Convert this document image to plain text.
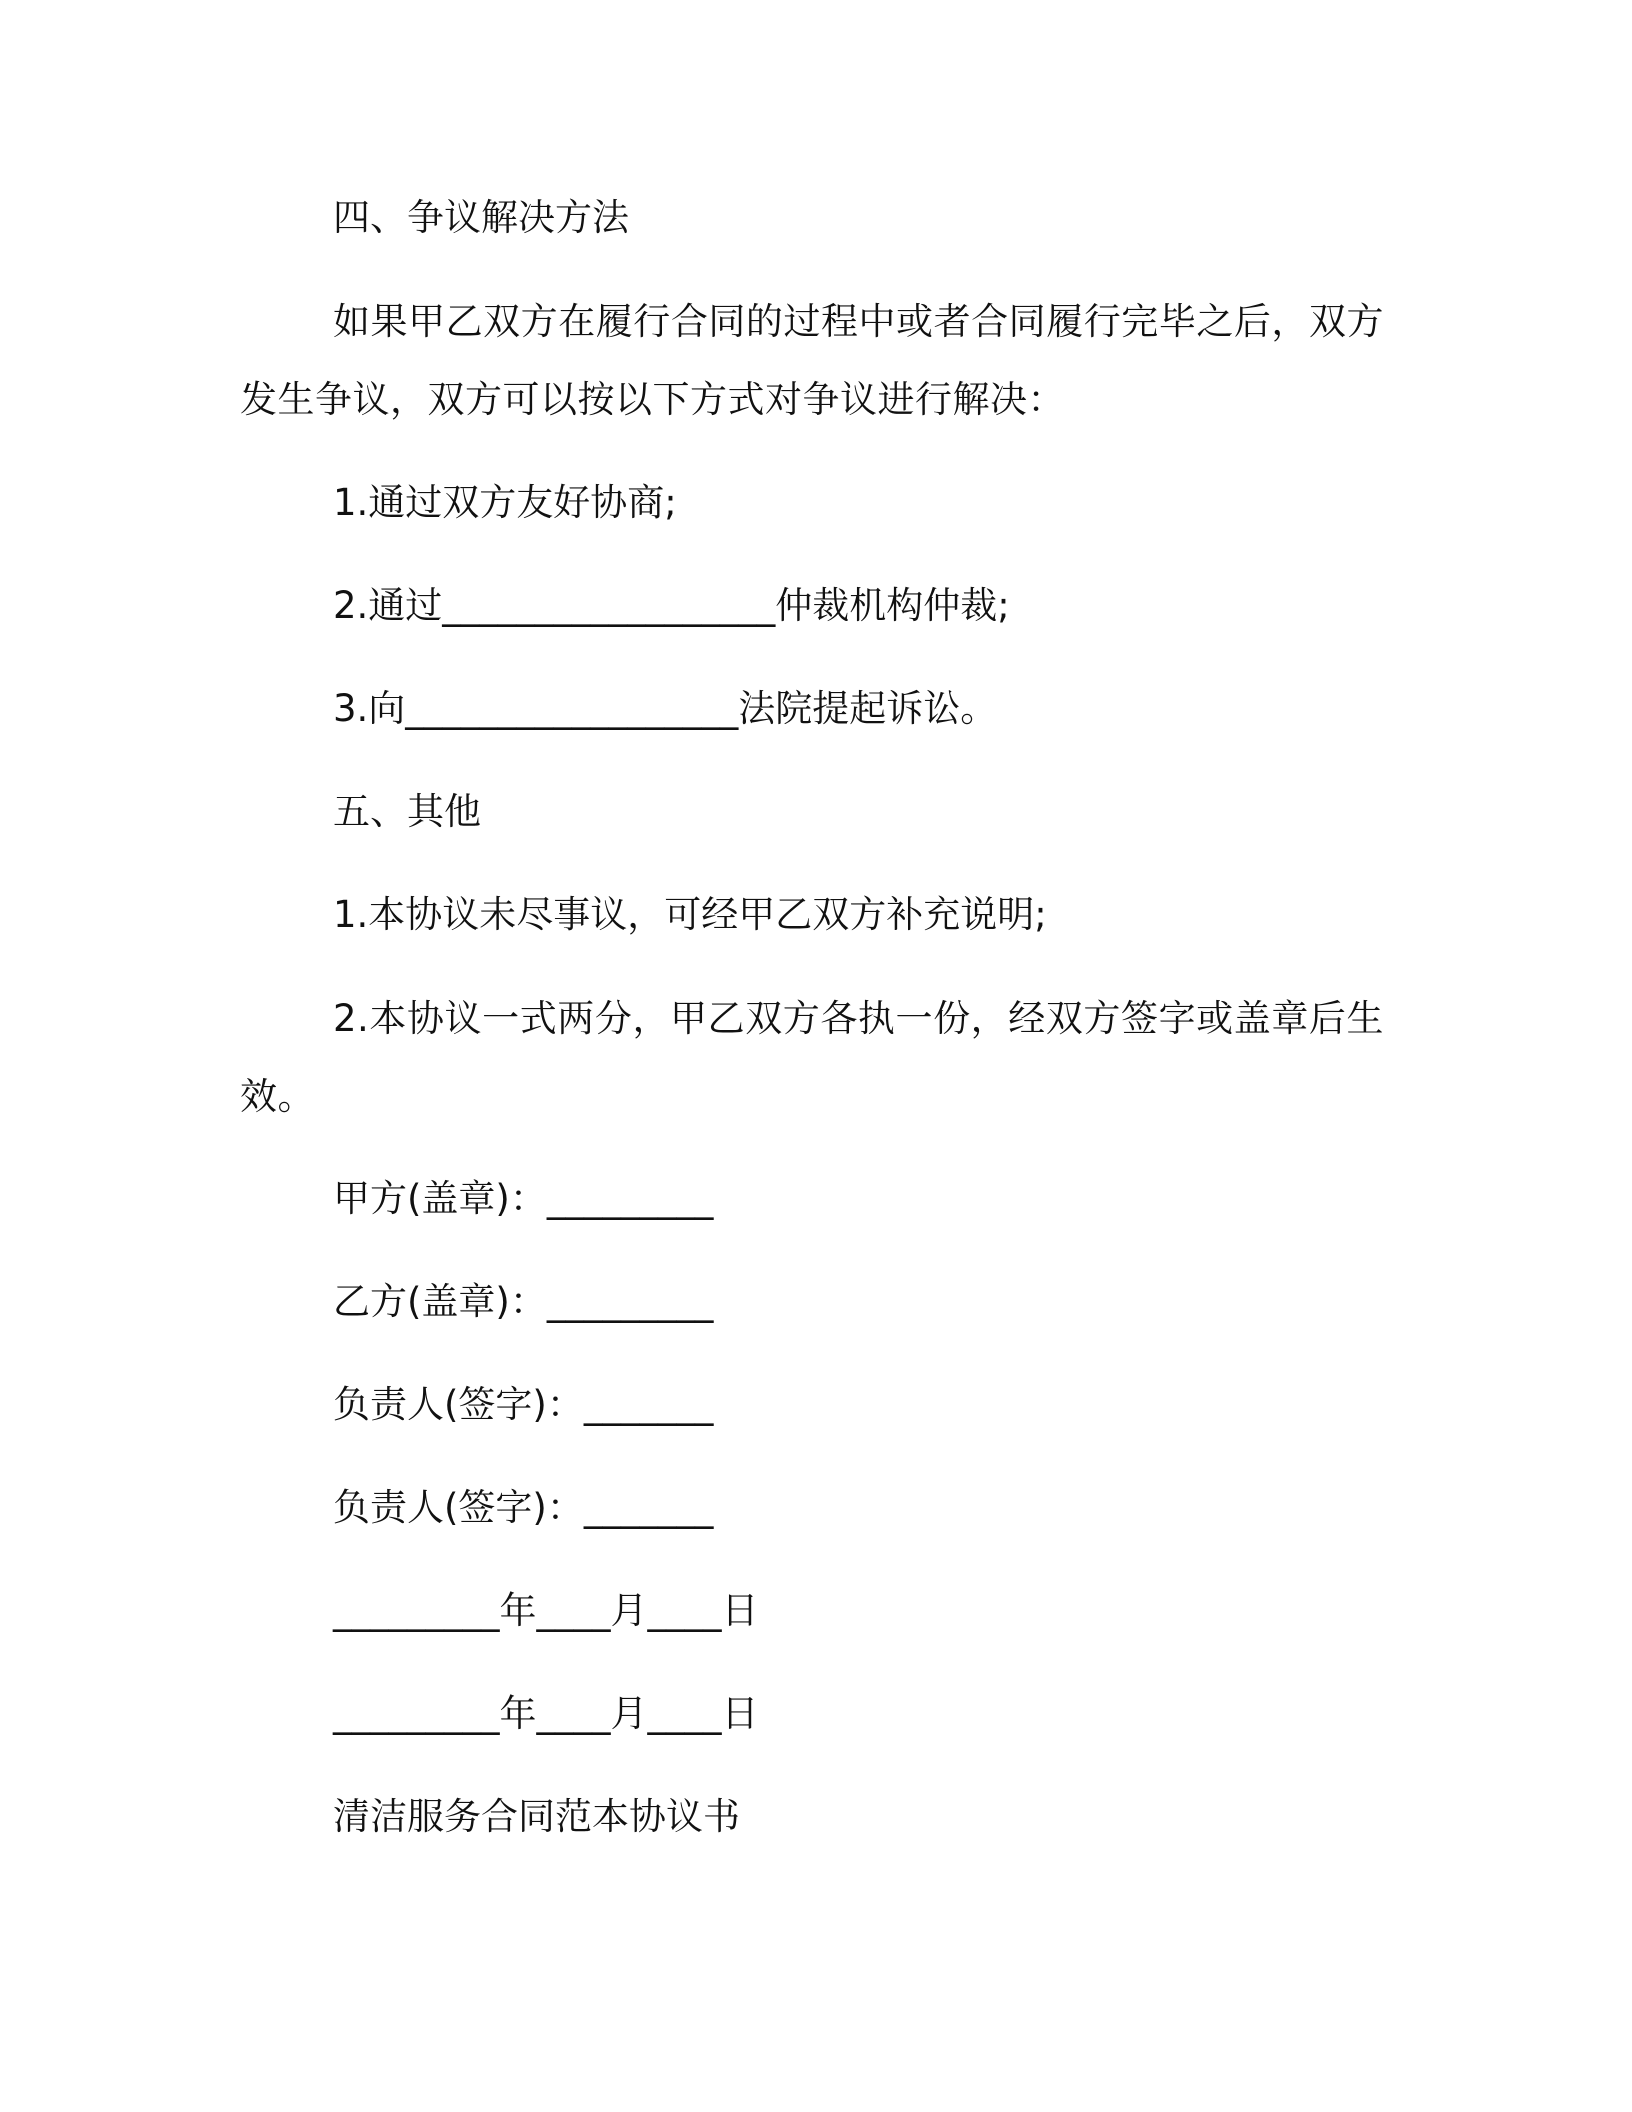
四、争议解决方法
如果甲乙双方在履行合同的过程中或者合同履行完毕之后，双方发生争议，双方可以按以下方式对争议进行解决：
1.通过双方友好协商;
2.通过__________________仲裁机构仲裁;
3.向__________________法院提起诉讼。
五、其他
1.本协议未尽事议，可经甲乙双方补充说明;
2.本协议一式两分，甲乙双方各执一份，经双方签字或盖章后生效。
甲方(盖章)：_________
乙方(盖章)：_________
负责人(签字)：_______
负责人(签字)：_______
_________年____月____日
_________年____月____日
清洁服务合同范本协议书
